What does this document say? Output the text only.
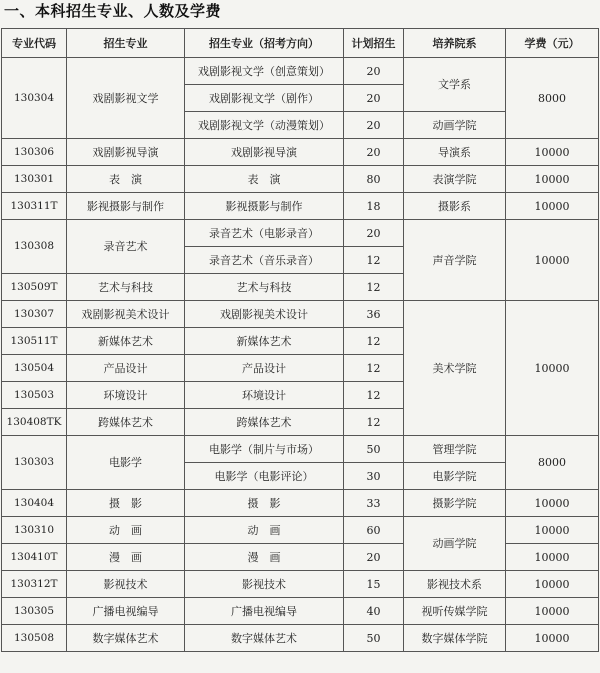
一、本科招生专业、人数及学费
专业代码	招生专业	招生专业（招考方向）	计划招生	培养院系	学费（元）
130304	戏剧影视文学	戏剧影视文学（创意策划）	20	文学系	8000
		戏剧影视文学（剧作）	20		
		戏剧影视文学（动漫策划）	20	动画学院	
130306	戏剧影视导演	戏剧影视导演	20	导演系	10000
130301	表　演	表　演	80	表演学院	10000
130311T	影视摄影与制作	影视摄影与制作	18	摄影系	10000
130308	录音艺术	录音艺术（电影录音）	20	声音学院	10000
		录音艺术（音乐录音）	12		
130509T	艺术与科技	艺术与科技	12		
130307	戏剧影视美术设计	戏剧影视美术设计	36	美术学院	10000
130511T	新媒体艺术	新媒体艺术	12		
130504	产品设计	产品设计	12		
130503	环境设计	环境设计	12		
130408TK	跨媒体艺术	跨媒体艺术	12		
130303	电影学	电影学（制片与市场）	50	管理学院	8000
		电影学（电影评论）	30	电影学院	
130404	摄　影	摄　影	33	摄影学院	10000
130310	动　画	动　画	60	动画学院	10000
130410T	漫　画	漫　画	20		10000
130312T	影视技术	影视技术	15	影视技术系	10000
130305	广播电视编导	广播电视编导	40	视听传媒学院	10000
130508	数字媒体艺术	数字媒体艺术	50	数字媒体学院	10000
